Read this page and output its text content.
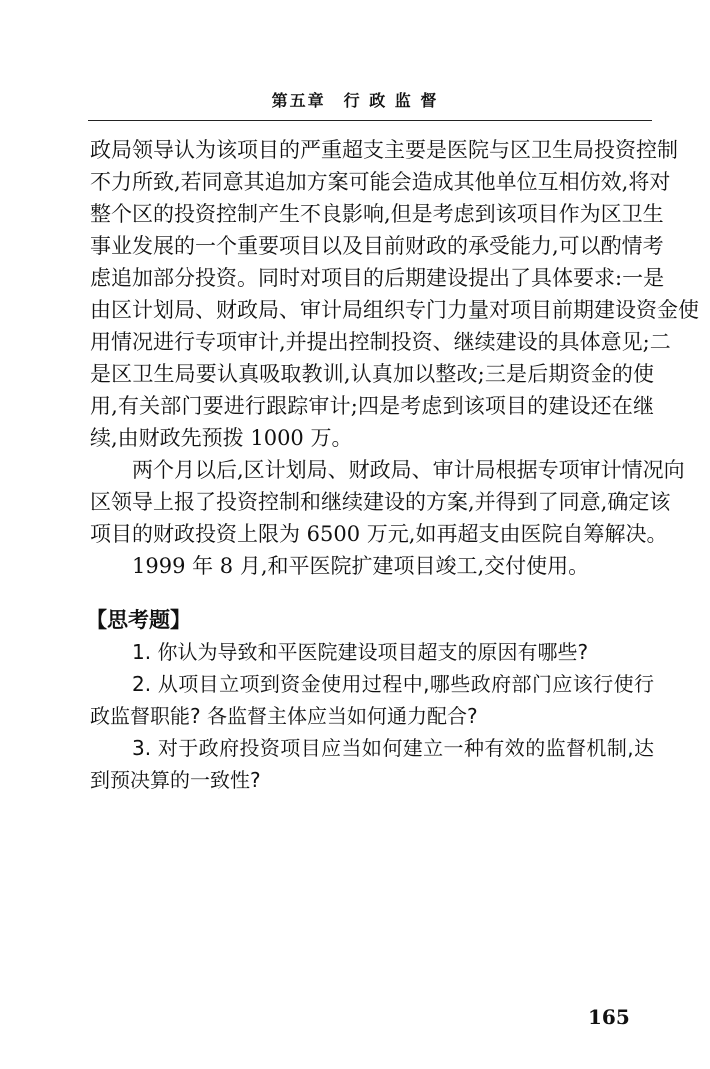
第五章　行 政 监 督
政局领导认为该项目的严重超支主要是医院与区卫生局投资控制
不力所致,若同意其追加方案可能会造成其他单位互相仿效,将对
整个区的投资控制产生不良影响,但是考虑到该项目作为区卫生
事业发展的一个重要项目以及目前财政的承受能力,可以酌情考
虑追加部分投资。同时对项目的后期建设提出了具体要求:一是
由区计划局、财政局、审计局组织专门力量对项目前期建设资金使
用情况进行专项审计,并提出控制投资、继续建设的具体意见;二
是区卫生局要认真吸取教训,认真加以整改;三是后期资金的使
用,有关部门要进行跟踪审计;四是考虑到该项目的建设还在继
续,由财政先预拨 1000 万。
两个月以后,区计划局、财政局、审计局根据专项审计情况向
区领导上报了投资控制和继续建设的方案,并得到了同意,确定该
项目的财政投资上限为 6500 万元,如再超支由医院自筹解决。
1999 年 8 月,和平医院扩建项目竣工,交付使用。
【思考题】
1. 你认为导致和平医院建设项目超支的原因有哪些?
2. 从项目立项到资金使用过程中,哪些政府部门应该行使行
政监督职能? 各监督主体应当如何通力配合?
3. 对于政府投资项目应当如何建立一种有效的监督机制,达
到预决算的一致性?
165
